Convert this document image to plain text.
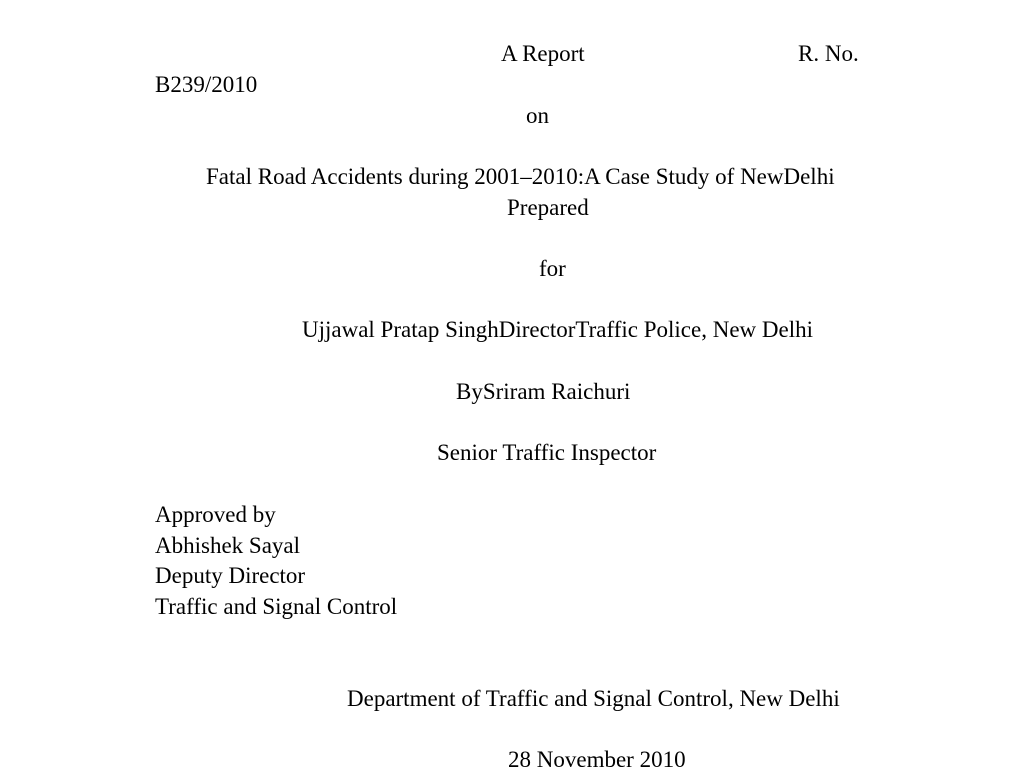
A Report	R. No.
B239/2010
on
Fatal Road Accidents during 2001–2010:A Case Study of NewDelhi
Prepared
for
Ujjawal Pratap SinghDirectorTraffic Police, New Delhi
BySriram Raichuri
Senior Traffic Inspector
Approved by
Abhishek Sayal
Deputy Director
Traffic and Signal Control
Department of Traffic and Signal Control, New Delhi
28 November 2010
